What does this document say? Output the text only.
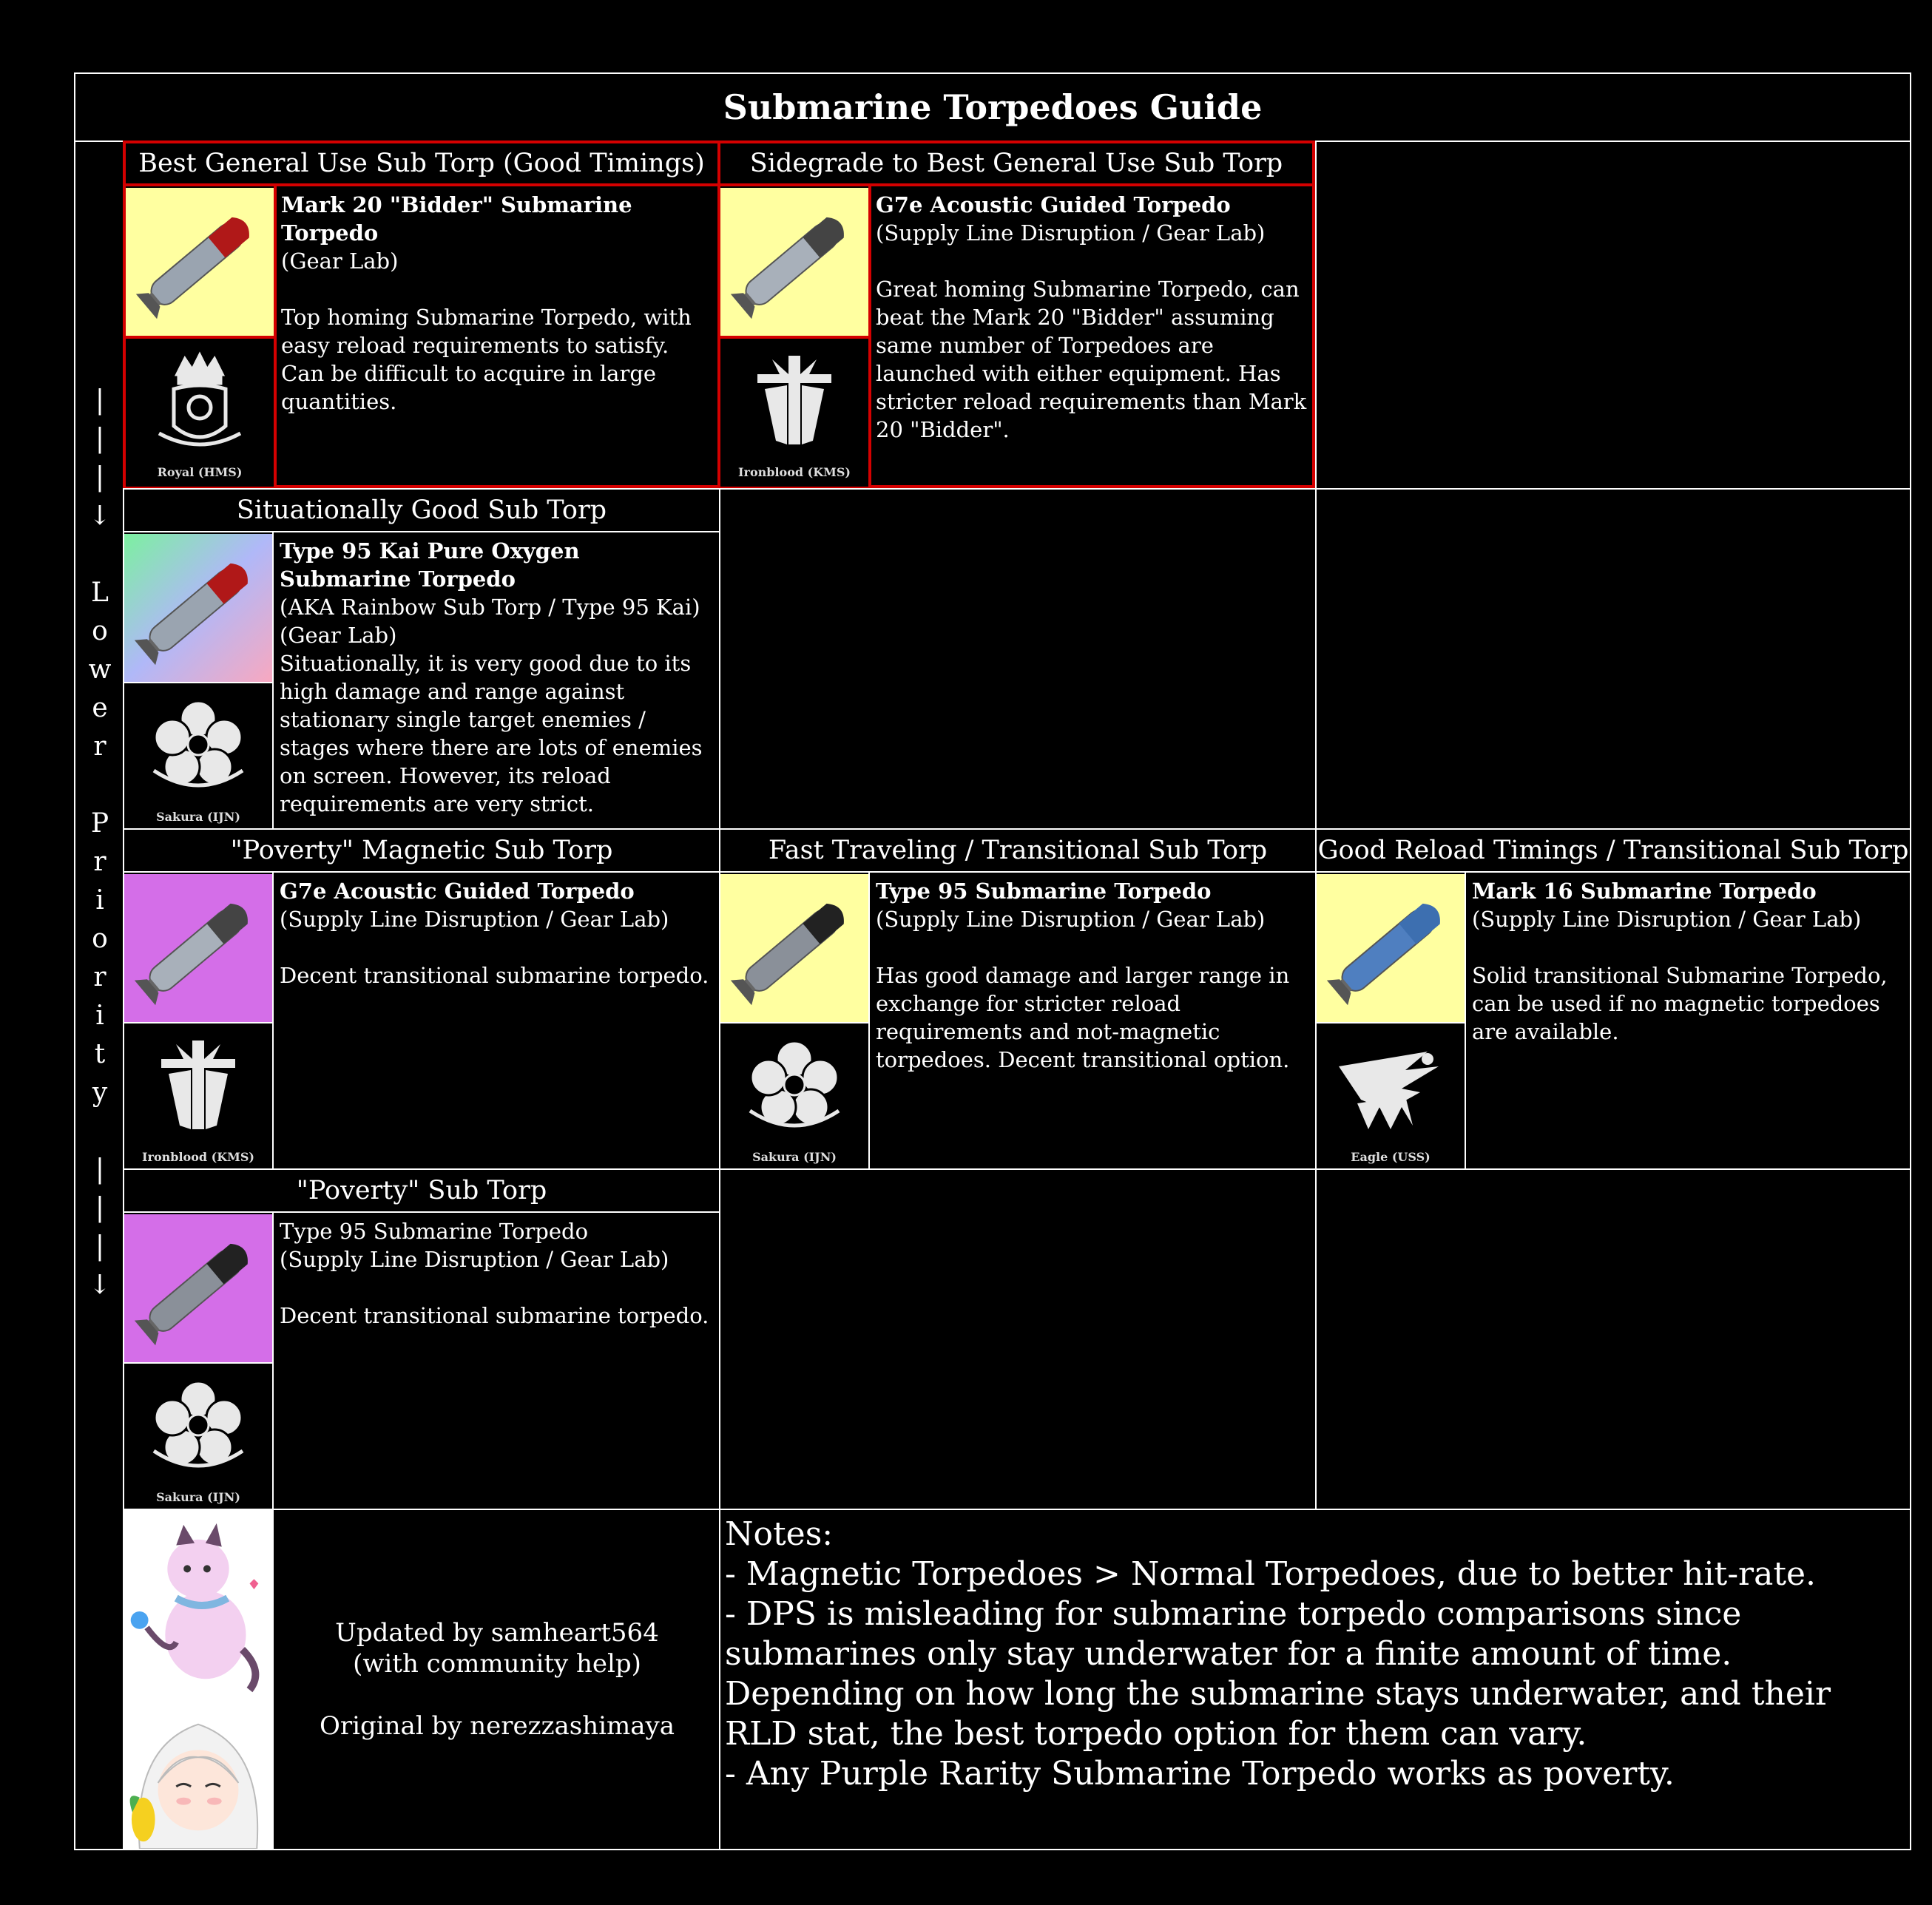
Submarine Torpedoes Guide
|
|
|
↓

L
o
w
e
r

P
r
i
o
r
i
t
y

|
|
|
↓
Best General Use Sub Torp (Good Timings)
Royal (HMS)
Mark 20 "Bidder" Submarine Torpedo
(Gear Lab)
Top homing Submarine Torpedo, with easy reload requirements to satisfy. Can be difficult to acquire in large quantities.
Sidegrade to Best General Use Sub Torp
Ironblood (KMS)
G7e Acoustic Guided Torpedo
(Supply Line Disruption / Gear Lab)
Great homing Submarine Torpedo, can beat the Mark 20 "Bidder" assuming same number of Torpedoes are launched with either equipment. Has stricter reload requirements than Mark 20 "Bidder".
Situationally Good Sub Torp
Sakura (IJN)
Type 95 Kai Pure Oxygen Submarine Torpedo
(AKA Rainbow Sub Torp / Type 95 Kai)
(Gear Lab)
Situationally, it is very good due to its high damage and range against stationary single target enemies / stages where there are lots of enemies on screen. However, its reload requirements are very strict.
"Poverty" Magnetic Sub Torp
Ironblood (KMS)
G7e Acoustic Guided Torpedo
(Supply Line Disruption / Gear Lab)
Decent transitional submarine torpedo.
Fast Traveling / Transitional Sub Torp
Sakura (IJN)
Type 95 Submarine Torpedo
(Supply Line Disruption / Gear Lab)
Has good damage and larger range in exchange for stricter reload requirements and not-magnetic torpedoes. Decent transitional option.
Good Reload Timings / Transitional Sub Torp
Eagle (USS)
Mark 16 Submarine Torpedo
(Supply Line Disruption / Gear Lab)
Solid transitional Submarine Torpedo, can be used if no magnetic torpedoes are available.
"Poverty" Sub Torp
Sakura (IJN)
Type 95 Submarine Torpedo
(Supply Line Disruption / Gear Lab)
Decent transitional submarine torpedo.
Updated by samheart564
(with community help)
Original by nerezzashimaya
Notes:
- Magnetic Torpedoes > Normal Torpedoes, due to better hit-rate.
- DPS is misleading for submarine torpedo comparisons since submarines only stay underwater for a finite amount of time. Depending on how long the submarine stays underwater, and their RLD stat, the best torpedo option for them can vary.
- Any Purple Rarity Submarine Torpedo works as poverty.
